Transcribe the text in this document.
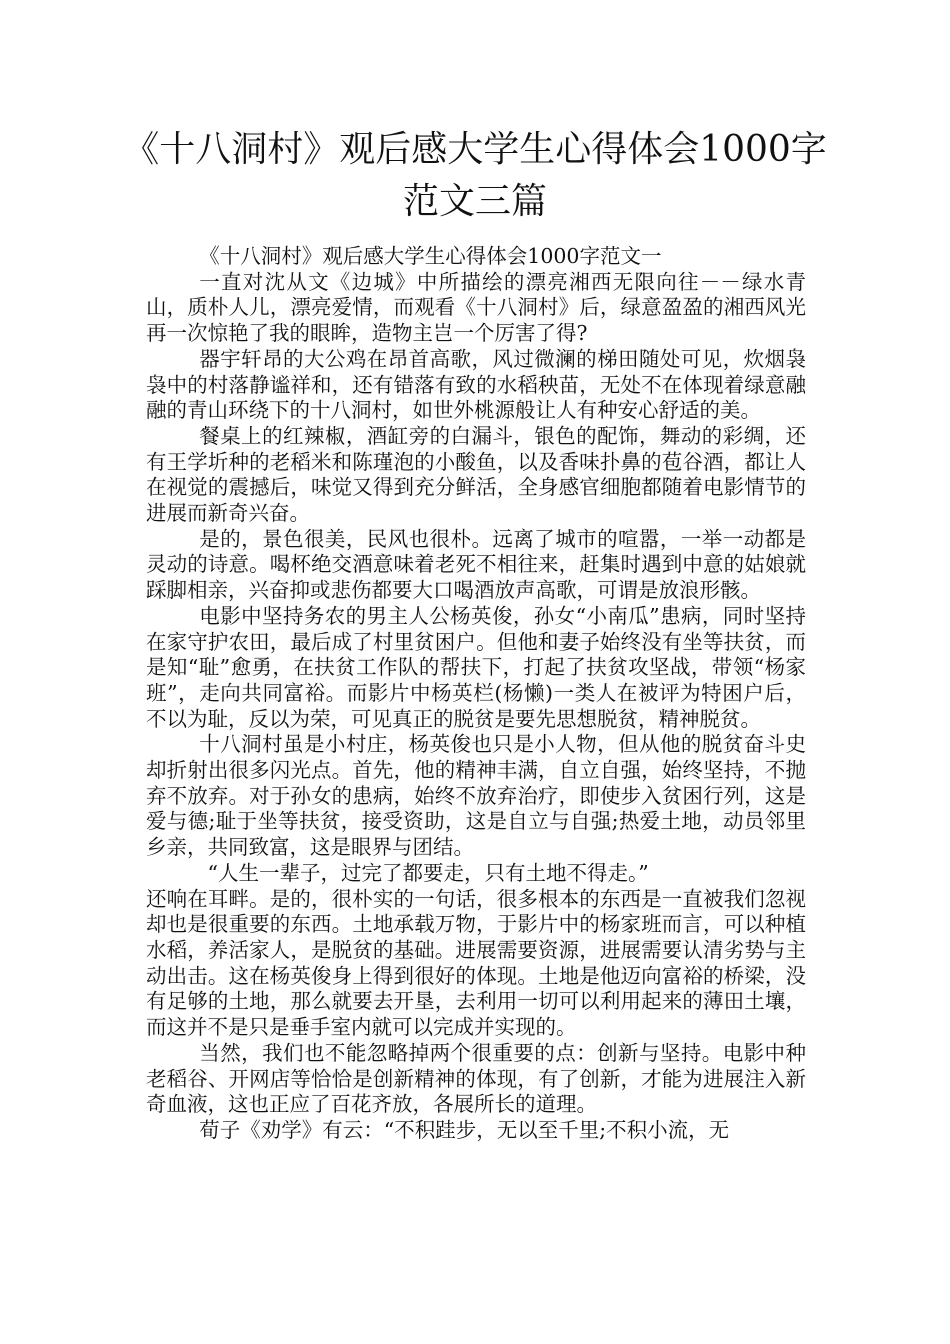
《十八洞村》观后感大学生心得体会1000字范文三篇

《十八洞村》观后感大学生心得体会1000字范文一

一直对沈从文《边城》中所描绘的漂亮湘西无限向往－－绿水青山，质朴人儿，漂亮爱情，而观看《十八洞村》后，绿意盈盈的湘西风光再一次惊艳了我的眼眸，造物主岂一个厉害了得?

器宇轩昂的大公鸡在昂首高歌，风过微澜的梯田随处可见，炊烟袅袅中的村落静谧祥和，还有错落有致的水稻秧苗，无处不在体现着绿意融融的青山环绕下的十八洞村，如世外桃源般让人有种安心舒适的美。

餐桌上的红辣椒，酒缸旁的白漏斗，银色的配饰，舞动的彩绸，还有王学圻种的老稻米和陈瑾泡的小酸鱼，以及香味扑鼻的苞谷酒，都让人在视觉的震撼后，味觉又得到充分鲜活，全身感官细胞都随着电影情节的进展而新奇兴奋。

是的，景色很美，民风也很朴。远离了城市的喧嚣，一举一动都是灵动的诗意。喝杯绝交酒意味着老死不相往来，赶集时遇到中意的姑娘就踩脚相亲，兴奋抑或悲伤都要大口喝酒放声高歌，可谓是放浪形骸。

电影中坚持务农的男主人公杨英俊，孙女“小南瓜”患病，同时坚持在家守护农田，最后成了村里贫困户。但他和妻子始终没有坐等扶贫，而是知“耻”愈勇，在扶贫工作队的帮扶下，打起了扶贫攻坚战，带领“杨家班”，走向共同富裕。而影片中杨英栏(杨懒)一类人在被评为特困户后，不以为耻，反以为荣，可见真正的脱贫是要先思想脱贫，精神脱贫。

十八洞村虽是小村庄，杨英俊也只是小人物，但从他的脱贫奋斗史却折射出很多闪光点。首先，他的精神丰满，自立自强，始终坚持，不抛弃不放弃。对于孙女的患病，始终不放弃治疗，即使步入贫困行列，这是爱与德;耻于坐等扶贫，接受资助，这是自立与自强;热爱土地，动员邻里乡亲，共同致富，这是眼界与团结。

“人生一辈子，过完了都要走，只有土地不得走。”

还响在耳畔。是的，很朴实的一句话，很多根本的东西是一直被我们忽视却也是很重要的东西。土地承载万物，于影片中的杨家班而言，可以种植水稻，养活家人，是脱贫的基础。进展需要资源，进展需要认清劣势与主动出击。这在杨英俊身上得到很好的体现。土地是他迈向富裕的桥梁，没有足够的土地，那么就要去开垦，去利用一切可以利用起来的薄田土壤，而这并不是只是垂手室内就可以完成并实现的。

当然，我们也不能忽略掉两个很重要的点：创新与坚持。电影中种老稻谷、开网店等恰恰是创新精神的体现，有了创新，才能为进展注入新奇血液，这也正应了百花齐放，各展所长的道理。

荀子《劝学》有云：“不积跬步，无以至千里;不积小流，无
